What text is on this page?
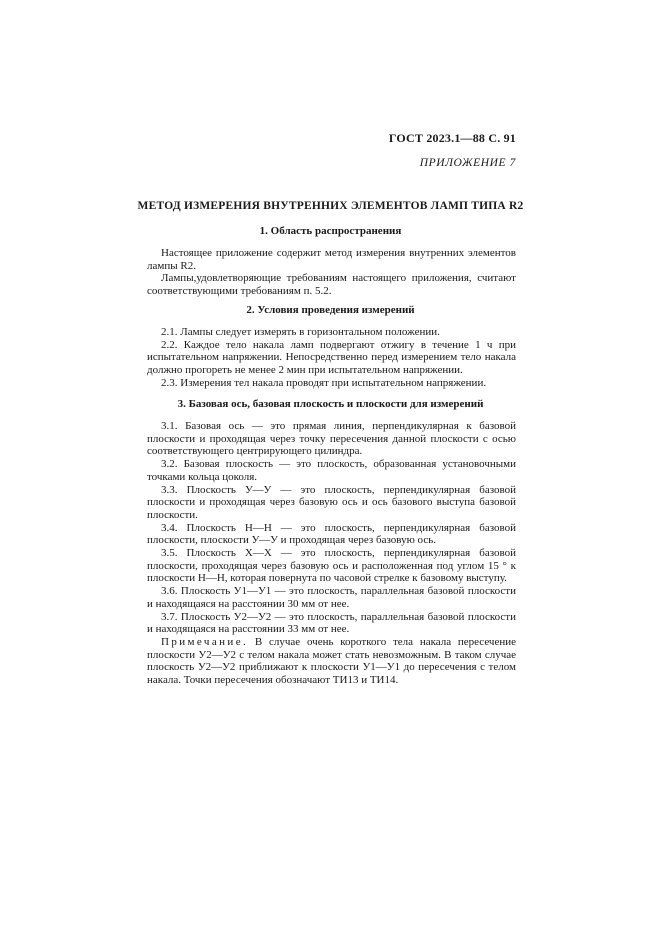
ГОСТ 2023.1—88 С. 91
ПРИЛОЖЕНИЕ 7
МЕТОД ИЗМЕРЕНИЯ ВНУТРЕННИХ ЭЛЕМЕНТОВ ЛАМП ТИПА R2
1. Область распространения

Настоящее приложение содержит метод измерения внутренних элементов лампы R2.

Лампы,удовлетворяющие требованиям настоящего приложения, считают соответствующими требованиям п. 5.2.

2. Условия проведения измерений

2.1. Лампы следует измерять в горизонтальном положении.

2.2. Каждое тело накала ламп подвергают отжигу в течение 1 ч при испытательном напряжении. Непосредственно перед измерением тело накала должно прогореть не менее 2 мин при испытательном напряжении.

2.3. Измерения тел накала проводят при испытательном напряжении.

3. Базовая ось, базовая плоскость и плоскости для измерений

3.1. Базовая ось — это прямая линия, перпендикулярная к базовой плоскости и проходящая через точку пересечения данной плоскости с осью соответствующего центрирующего цилиндра.

3.2. Базовая плоскость — это плоскость, образованная установочными точками кольца цоколя.

3.3. Плоскость У—У — это плоскость, перпендикулярная базовой плоскости и проходящая через базовую ось и ось базового выступа базовой плоскости.

3.4. Плоскость Н—Н — это плоскость, перпендикулярная базовой плоскости, плоскости У—У и проходящая через базовую ось.

3.5. Плоскость Х—Х — это плоскость, перпендикулярная базовой плоскости, проходящая через базовую ось и расположенная под углом 15 ° к плоскости Н—Н, которая повернута по часовой стрелке к базовому выступу.

3.6. Плоскость У1—У1 — это плоскость, параллельная базовой плоскости и находящаяся на расстоянии 30 мм от нее.

3.7. Плоскость У2—У2 — это плоскость, параллельная базовой плоскости и находящаяся на расстоянии 33 мм от нее.

Примечание. В случае очень короткого тела накала пересечение плоскости У2—У2 с телом накала может стать невозможным. В таком случае плоскость У2—У2 приближают к плоскости У1—У1 до пересечения с телом накала. Точки пересечения обозначают ТИ13 и ТИ14.
